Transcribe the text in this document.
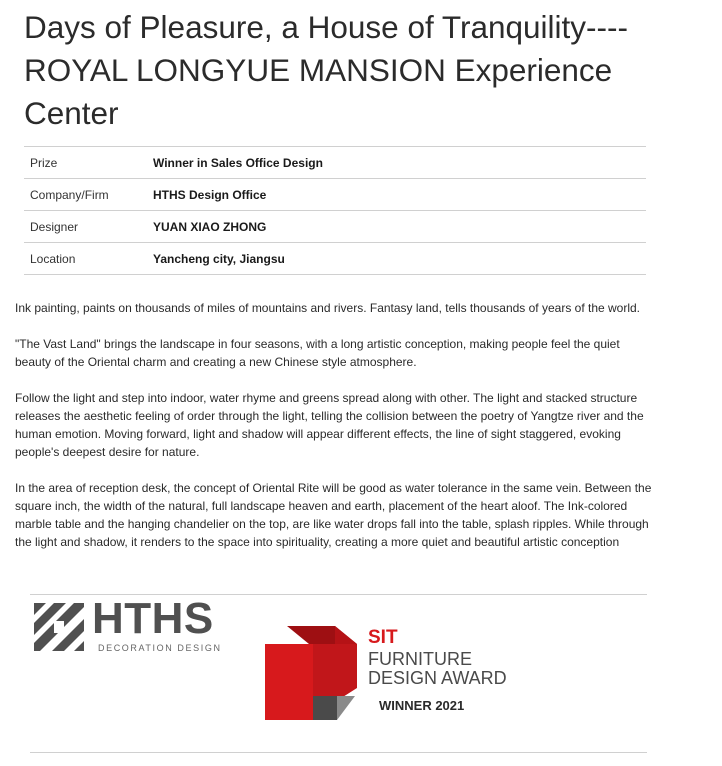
Days of Pleasure, a House of Tranquility----ROYAL LONGYUE MANSION Experience Center
Prize	Winner in Sales Office Design
Company/Firm	HTHS Design Office
Designer	YUAN XIAO ZHONG
Location	Yancheng city, Jiangsu

Ink painting, paints on thousands of miles of mountains and rivers. Fantasy land, tells thousands of years of the world.

"The Vast Land" brings the landscape in four seasons, with a long artistic conception, making people feel the quiet beauty of the Oriental charm and creating a new Chinese style atmosphere.

Follow the light and step into indoor, water rhyme and greens spread along with other. The light and stacked structure releases the aesthetic feeling of order through the light, telling the collision between the poetry of Yangtze river and the human emotion. Moving forward, light and shadow will appear different effects, the line of sight staggered, evoking people's deepest desire for nature.

In the area of reception desk, the concept of Oriental Rite will be good as water tolerance in the same vein. Between the square inch, the width of the natural, full landscape heaven and earth, placement of the heart aloof. The Ink-colored marble table and the hanging chandelier on the top, are like water drops fall into the table, splash ripples. While through the light and shadow, it renders to the space into spirituality, creating a more quiet and beautiful artistic conception

HTHS
DECORATION DESIGN	SIT
FURNITURE
DESIGN AWARD
WINNER 2021
